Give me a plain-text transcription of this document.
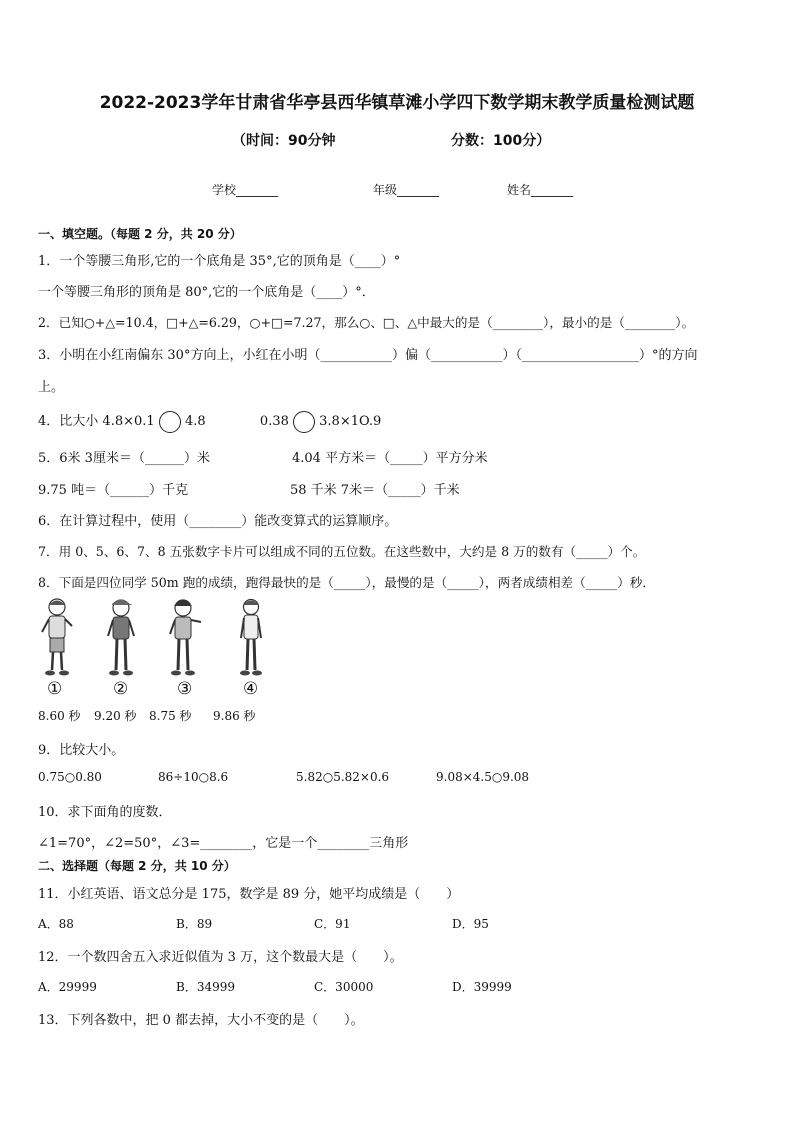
2022-2023学年甘肃省华亭县西华镇草滩小学四下数学期末教学质量检测试题
（时间：90分钟	分数：100分）
学校_______	年级_______	姓名_______
一、填空题。（每题 2 分，共 20 分）
1．一个等腰三角形,它的一个底角是 35°,它的顶角是（____）°
一个等腰三角形的顶角是 80°,它的一个底角是（____）°．
2．已知○+△=10.4，□+△=6.29，○+□=7.27，那么○、□、△中最大的是（________），最小的是（________）。
3．小明在小红南偏东 30°方向上，小红在小明（___________）偏（___________）（__________________）°的方向
上。
4．比大小 4.8×0.1 4.8	0.38 3.8×1O.9
5．6米 3厘米＝（______）米	4.04 平方米＝（_____）平方分米
9.75 吨＝（______）千克	58 千米 7米＝（_____）千米
6．在计算过程中，使用（________）能改变算式的运算顺序。
7．用 0、5、6、7、8 五张数字卡片可以组成不同的五位数。在这些数中，大约是 8 万的数有（_____）个。
8．下面是四位同学 50m 跑的成绩，跑得最快的是（_____），最慢的是（_____），两者成绩相差（_____）秒．
①	②	③	④
8.60 秒 9.20 秒 8.75 秒 9.86 秒
9．比较大小。
0.75○0.80	86÷10○8.6	5.82○5.82×0.6	9.08×4.5○9.08
10．求下面角的度数．
∠1=70°，∠2=50°，∠3=________，它是一个________三角形
二、选择题（每题 2 分，共 10 分）
11．小红英语、语文总分是 175，数学是 89 分，她平均成绩是（　　）
A．88	B．89	C．91	D．95
12．一个数四舍五入求近似值为 3 万，这个数最大是（　　）。
A．29999	B．34999	C．30000	D．39999
13．下列各数中，把 0 都去掉，大小不变的是（　　）。
